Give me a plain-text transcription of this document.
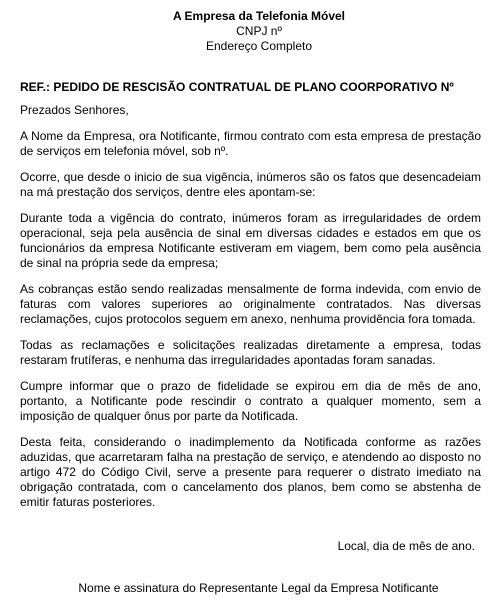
A Empresa da Telefonia Móvel
CNPJ nº
Endereço Completo
REF.: PEDIDO DE RESCISÃO CONTRATUAL DE PLANO COORPORATIVO Nº
Prezados Senhores,

A Nome da Empresa, ora Notificante, firmou contrato com esta empresa de prestação de serviços em telefonia móvel, sob nº.

Ocorre, que desde o inicio de sua vigência, inúmeros são os fatos que desencadeiam na má prestação dos serviços, dentre eles apontam-se:

Durante toda a vigência do contrato, inúmeros foram as irregularidades de ordem operacional, seja pela ausência de sinal em diversas cidades e estados em que os funcionários da empresa Notificante estiveram em viagem, bem como pela ausência de sinal na própria sede da empresa;

As cobranças estão sendo realizadas mensalmente de forma indevida, com envio de faturas com valores superiores ao originalmente contratados. Nas diversas reclamações, cujos protocolos seguem em anexo, nenhuma providência fora tomada.

Todas as reclamações e solicitações realizadas diretamente a empresa, todas restaram frutíferas, e nenhuma das irregularidades apontadas foram sanadas.

Cumpre informar que o prazo de fidelidade se expirou em dia de mês de ano, portanto, a Notificante pode rescindir o contrato a qualquer momento, sem a imposição de qualquer ônus por parte da Notificada.

Desta feita, considerando o inadimplemento da Notificada conforme as razões aduzidas, que acarretaram falha na prestação de serviço, e atendendo ao disposto no artigo 472 do Código Civil, serve a presente para requerer o distrato imediato na obrigação contratada, com o cancelamento dos planos, bem como se abstenha de emitir faturas posteriores.

Local, dia de mês de ano.
Nome e assinatura do Representante Legal da Empresa Notificante
